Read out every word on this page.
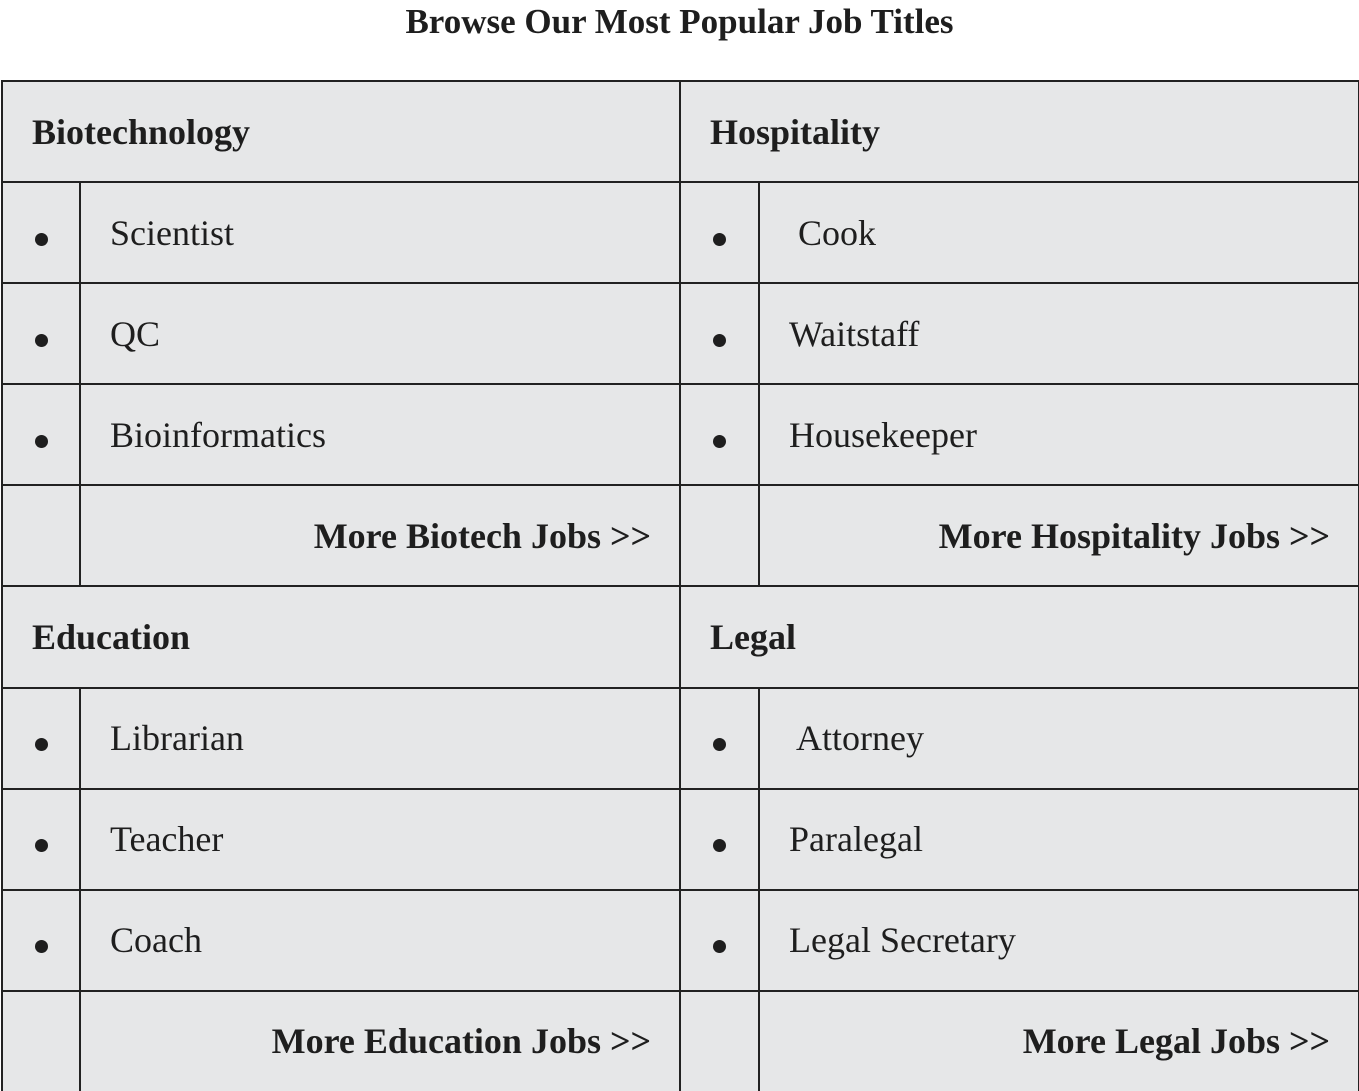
Browse Our Most Popular Job Titles
Biotechnology		Hospitality	
	Scientist		Cook
	QC		Waitstaff
	Bioinformatics		Housekeeper
	More Biotech Jobs >>		More Hospitality Jobs >>
Education		Legal	
	Librarian		Attorney
	Teacher		Paralegal
	Coach		Legal Secretary
	More Education Jobs >>		More Legal Jobs >>
